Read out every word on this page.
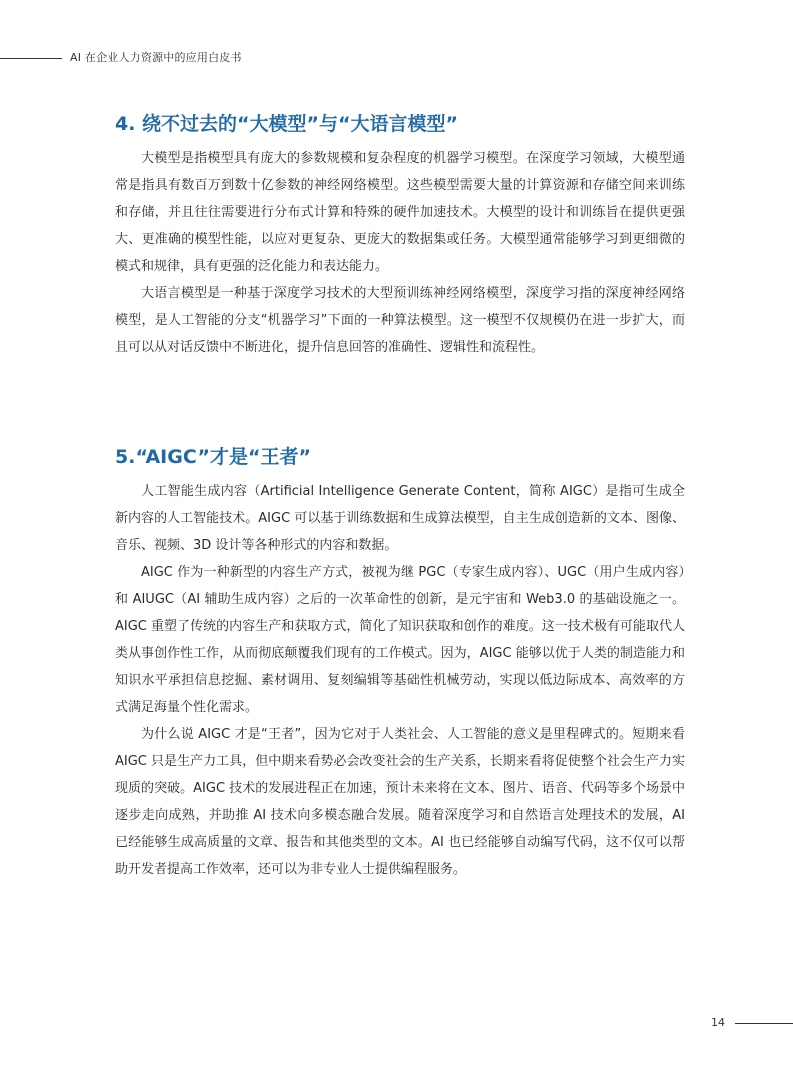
AI 在企业人力资源中的应用白皮书
4. 绕不过去的“大模型”与“大语言模型”

大模型是指模型具有庞大的参数规模和复杂程度的机器学习模型。在深度学习领域，大模型通常是指具有数百万到数十亿参数的神经网络模型。这些模型需要大量的计算资源和存储空间来训练和存储，并且往往需要进行分布式计算和特殊的硬件加速技术。大模型的设计和训练旨在提供更强大、更准确的模型性能，以应对更复杂、更庞大的数据集或任务。大模型通常能够学习到更细微的模式和规律，具有更强的泛化能力和表达能力。

大语言模型是一种基于深度学习技术的大型预训练神经网络模型，深度学习指的深度神经网络模型，是人工智能的分支“机器学习”下面的一种算法模型。这一模型不仅规模仍在进一步扩大，而且可以从对话反馈中不断进化，提升信息回答的准确性、逻辑性和流程性。

5.“AIGC”才是“王者”

人工智能生成内容（Artificial Intelligence Generate Content，简称 AIGC）是指可生成全新内容的人工智能技术。AIGC 可以基于训练数据和生成算法模型，自主生成创造新的文本、图像、音乐、视频、3D 设计等各种形式的内容和数据。

AIGC 作为一种新型的内容生产方式，被视为继 PGC（专家生成内容）、UGC（用户生成内容）和 AIUGC（AI 辅助生成内容）之后的一次革命性的创新，是元宇宙和 Web3.0 的基础设施之一。AIGC 重塑了传统的内容生产和获取方式，简化了知识获取和创作的难度。这一技术极有可能取代人类从事创作性工作，从而彻底颠覆我们现有的工作模式。因为，AIGC 能够以优于人类的制造能力和知识水平承担信息挖掘、素材调用、复刻编辑等基础性机械劳动，实现以低边际成本、高效率的方式满足海量个性化需求。

为什么说 AIGC 才是“王者”，因为它对于人类社会、人工智能的意义是里程碑式的。短期来看 AIGC 只是生产力工具，但中期来看势必会改变社会的生产关系，长期来看将促使整个社会生产力实现质的突破。AIGC 技术的发展进程正在加速，预计未来将在文本、图片、语音、代码等多个场景中逐步走向成熟，并助推 AI 技术向多模态融合发展。随着深度学习和自然语言处理技术的发展，AI 已经能够生成高质量的文章、报告和其他类型的文本。AI 也已经能够自动编写代码，这不仅可以帮助开发者提高工作效率，还可以为非专业人士提供编程服务。

14
